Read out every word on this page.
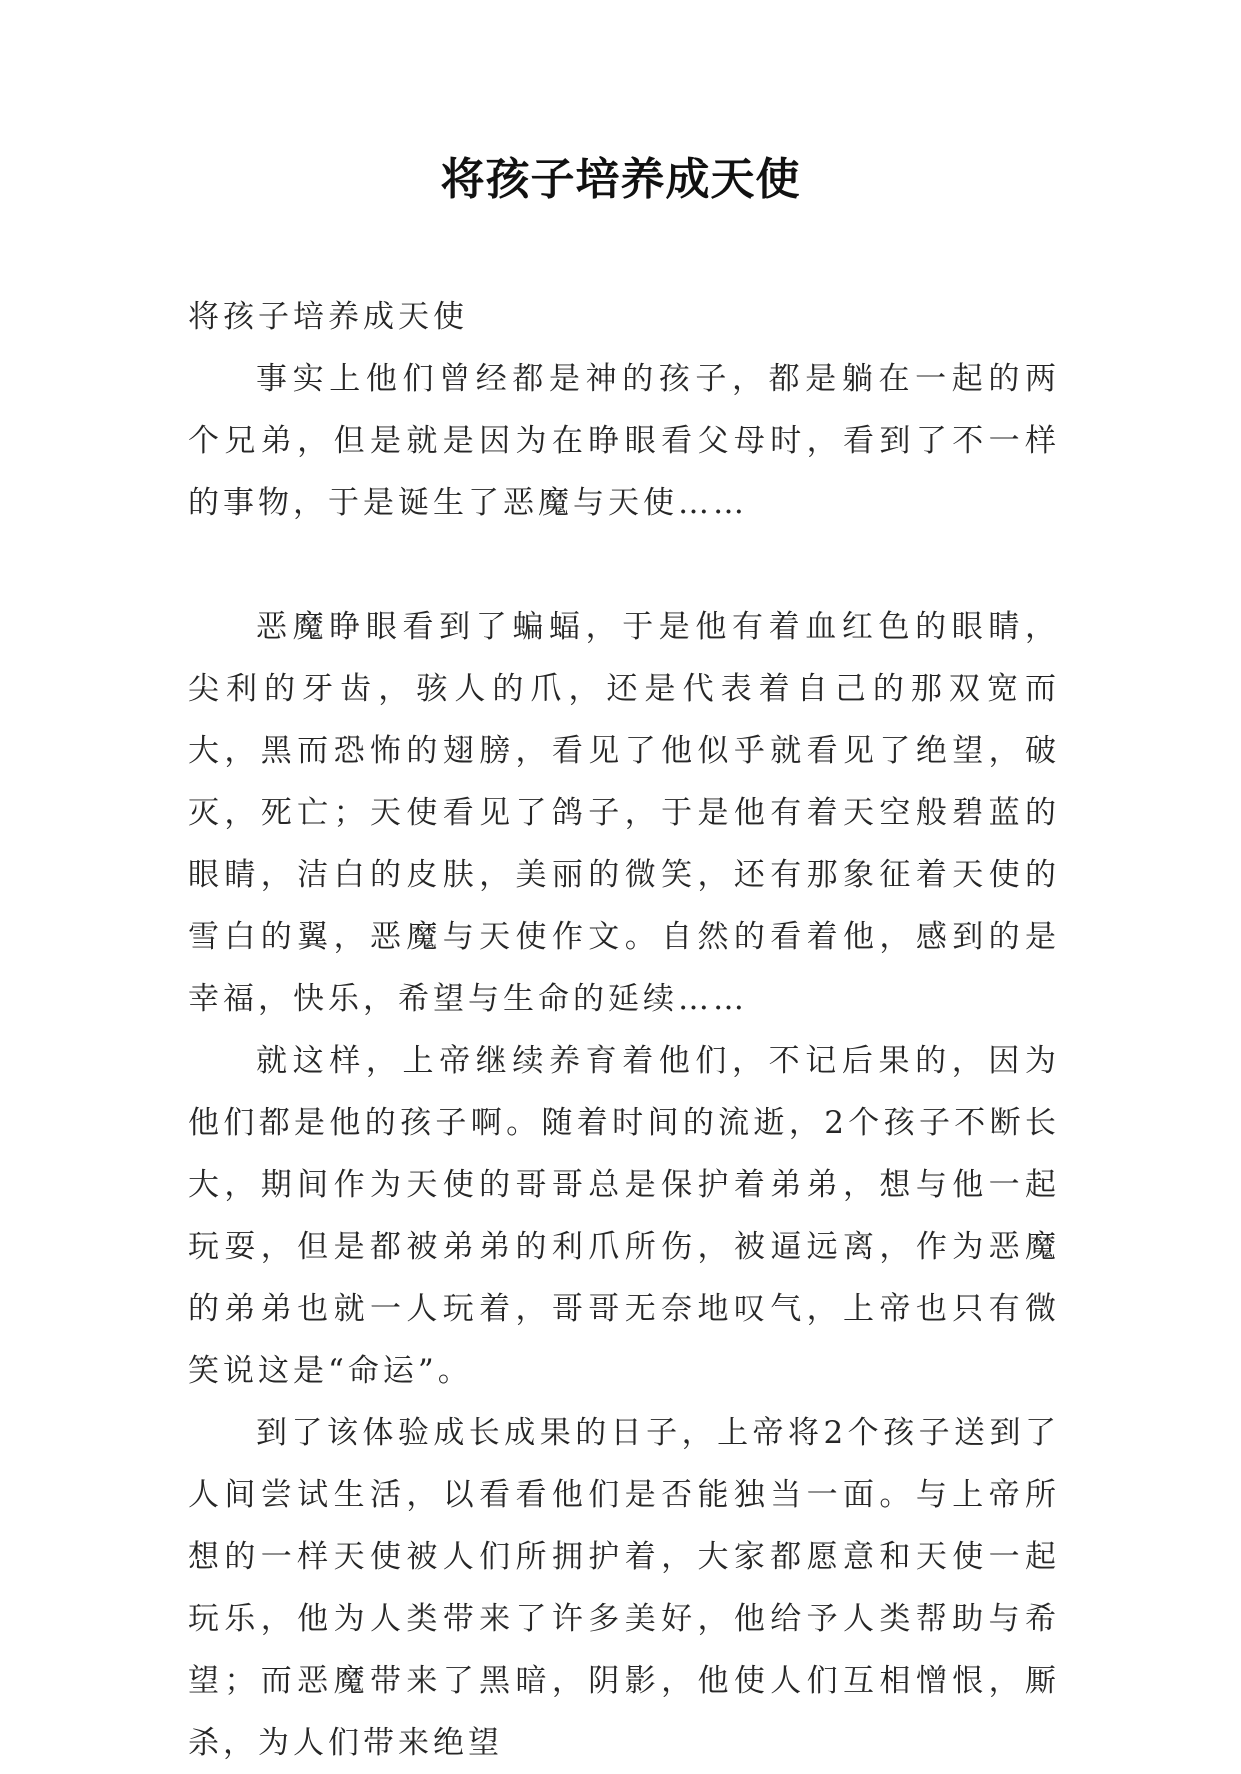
将孩子培养成天使

将孩子培养成天使

事实上他们曾经都是神的孩子，都是躺在一起的两个兄弟，但是就是因为在睁眼看父母时，看到了不一样的事物，于是诞生了恶魔与天使……

恶魔睁眼看到了蝙蝠，于是他有着血红色的眼睛，尖利的牙齿，骇人的爪，还是代表着自己的那双宽而大，黑而恐怖的翅膀，看见了他似乎就看见了绝望，破灭，死亡；天使看见了鸽子，于是他有着天空般碧蓝的眼睛，洁白的皮肤，美丽的微笑，还有那象征着天使的雪白的翼，恶魔与天使作文。自然的看着他，感到的是幸福，快乐，希望与生命的延续……

就这样，上帝继续养育着他们，不记后果的，因为他们都是他的孩子啊。随着时间的流逝，2个孩子不断长大，期间作为天使的哥哥总是保护着弟弟，想与他一起玩耍，但是都被弟弟的利爪所伤，被逼远离，作为恶魔的弟弟也就一人玩着，哥哥无奈地叹气，上帝也只有微笑说这是“命运”。

到了该体验成长成果的日子，上帝将2个孩子送到了人间尝试生活，以看看他们是否能独当一面。与上帝所想的一样天使被人们所拥护着，大家都愿意和天使一起玩乐，他为人类带来了许多美好，他给予人类帮助与希望；而恶魔带来了黑暗，阴影，他使人们互相憎恨，厮杀，为人们带来绝望
